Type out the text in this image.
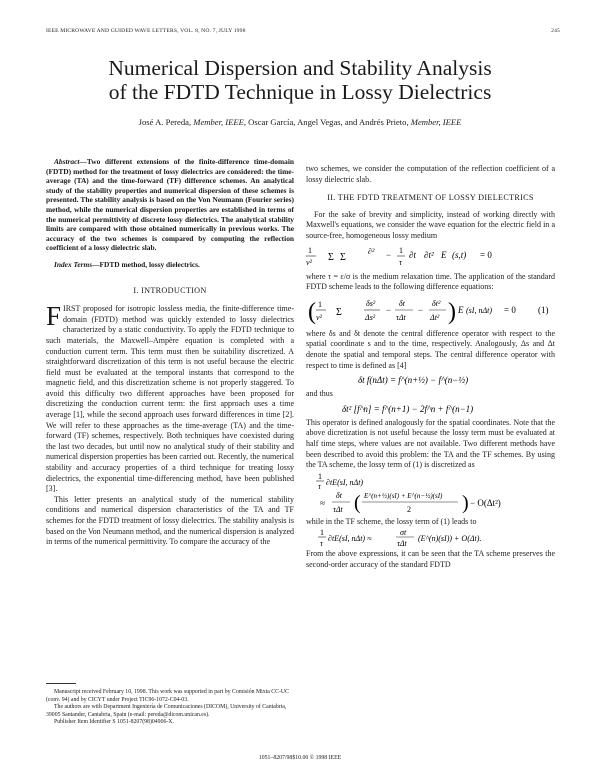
IEEE MICROWAVE AND GUIDED WAVE LETTERS, VOL. 8, NO. 7, JULY 1998	245
Numerical Dispersion and Stability Analysis
of the FDTD Technique in Lossy Dielectrics
José A. Pereda, Member, IEEE, Oscar García, Angel Vegas, and Andrés Prieto, Member, IEEE

Abstract—Two different extensions of the finite-difference time-domain (FDTD) method for the treatment of lossy dielectrics are considered: the time-average (TA) and the time-forward (TF) difference schemes. An analytical study of the stability properties and numerical dispersion of these schemes is presented. The stability analysis is based on the Von Neumann (Fourier series) method, while the numerical dispersion properties are established in terms of the numerical permittivity of discrete lossy dielectrics. The analytical stability limits are compared with those obtained numerically in previous works. The accuracy of the two schemes is compared by computing the reflection coefficient of a lossy dielectric slab.

Index Terms—FDTD method, lossy dielectrics.

I. INTRODUCTION

FIRST proposed for isotropic lossless media, the finite-difference time-domain (FDTD) method was quickly extended to lossy dielectrics characterized by a static conductivity. To apply the FDTD technique to such materials, the Maxwell–Ampère equation is completed with a conduction current term. This term must then be suitability discretized. A straightforward discretization of this term is not useful because the electric field must be evaluated at the temporal instants that correspond to the magnetic field, and this discretization scheme is not properly staggered. To avoid this difficulty two different approaches have been proposed for discretizing the conduction current term: the first approach uses a time average [1], while the second approach uses forward differences in time [2]. We will refer to these approaches as the time-average (TA) and the time-forward (TF) schemes, respectively. Both techniques have coexisted during the last two decades, but until now no analytical study of their stability and numerical dispersion properties has been carried out. Recently, the numerical stability and accuracy properties of a third technique for treating lossy dielectrics, the exponential time-differencing method, have been published [3].

This letter presents an analytical study of the numerical stability conditions and numerical dispersion characteristics of the TA and TF schemes for the FDTD treatment of lossy dielectrics. The stability analysis is based on the Von Neumann method, and the numerical dispersion is analyzed in terms of the numerical permittivity. To compare the accuracy of the

Manuscript received February 10, 1998. This work was supported in part by Comisión Mixta CC-UC (conv. 94) and by CICYT under Project TIC96-1072-C04-03.

The authors are with Department Ingeniería de Comunicaciones (DICOM), University of Cantabria, 39005 Santander, Cantabria, Spain (e-mail: pereda@dicom.unican.es).

Publisher Item Identifier S 1051-8207(98)04906-X.

two schemes, we consider the computation of the reflection coefficient of a lossy dielectric slab.

II. THE FDTD TREATMENT OF LOSSY DIELECTRICS

For the sake of brevity and simplicity, instead of working directly with Maxwell's equations, we consider the wave equation for the electric field in a source-free, homogeneous lossy medium

1
v² Σ Σ
∂² − 1
τ
∂t ∂t² E (s,t) = 0

where τ = ε/σ is the medium relaxation time. The application of the standard FDTD scheme leads to the following difference equations:

( 1
v² Σ
δs²
Δs²
−
δt
τΔt
−
δt²
Δt² ) E (sI, nΔt) = 0 (1)

where δs and δt denote the central difference operator with respect to the spatial coordinate s and to the time, respectively. Analogously, Δs and Δt denote the spatial and temporal steps. The central difference operator with respect to time is defined as [4]

δt f(nΔt) = f^(n+½) − f^(n−½)

and thus

δt² [f^n] = f^(n+1) − 2f^n + f^(n−1)

This operator is defined analogously for the spatial coordinates. Note that the above dicretization is not useful because the lossy term must be evaluated at half time steps, where values are not available. Two different methods have been described to avoid this problem: the TA and the TF schemes. By using the TA scheme, the lossy term of (1) is discretized as

1
τ ∂tE(sI, nΔt)
≈
δt
τΔt ( E^(n+½)(sI) + E^(n−½)(sI)
2	) − O(Δt²)

while in the TF scheme, the lossy term of (1) leads to

1
τ
∂tE(sI, nΔt) ≈
σt
τΔt
(E^(n)(sI)) + O(Δt).

From the above expressions, it can be seen that the TA scheme preserves the second-order accuracy of the standard FDTD

1051–8207/98$10.00 © 1998 IEEE
